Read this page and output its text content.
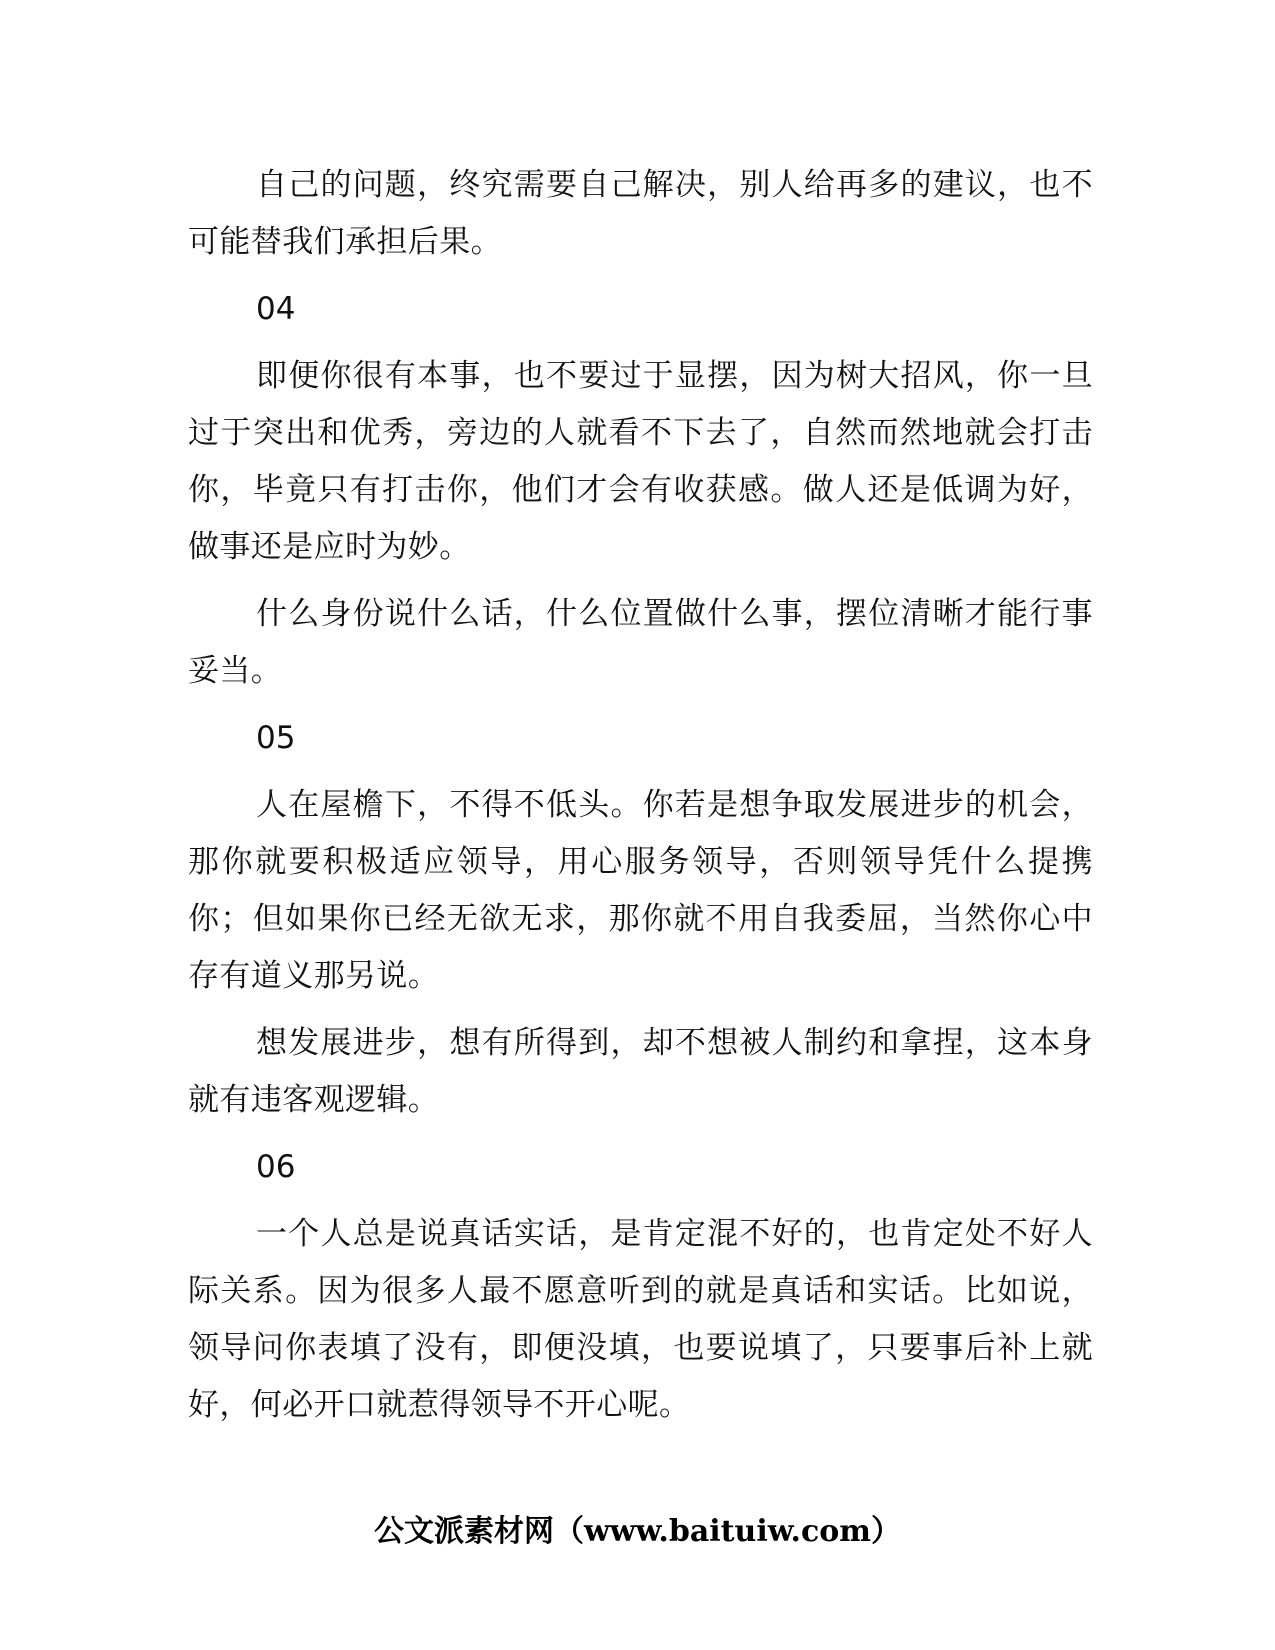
自己的问题，终究需要自己解决，别人给再多的建议，也不可能替我们承担后果。

04

即便你很有本事，也不要过于显摆，因为树大招风，你一旦过于突出和优秀，旁边的人就看不下去了，自然而然地就会打击你，毕竟只有打击你，他们才会有收获感。做人还是低调为好，做事还是应时为妙。

什么身份说什么话，什么位置做什么事，摆位清晰才能行事妥当。

05

人在屋檐下，不得不低头。你若是想争取发展进步的机会，那你就要积极适应领导，用心服务领导，否则领导凭什么提携你；但如果你已经无欲无求，那你就不用自我委屈，当然你心中存有道义那另说。

想发展进步，想有所得到，却不想被人制约和拿捏，这本身就有违客观逻辑。

06

一个人总是说真话实话，是肯定混不好的，也肯定处不好人际关系。因为很多人最不愿意听到的就是真话和实话。比如说，领导问你表填了没有，即便没填，也要说填了，只要事后补上就好，何必开口就惹得领导不开心呢。

公文派素材网（www.baituiw.com）
